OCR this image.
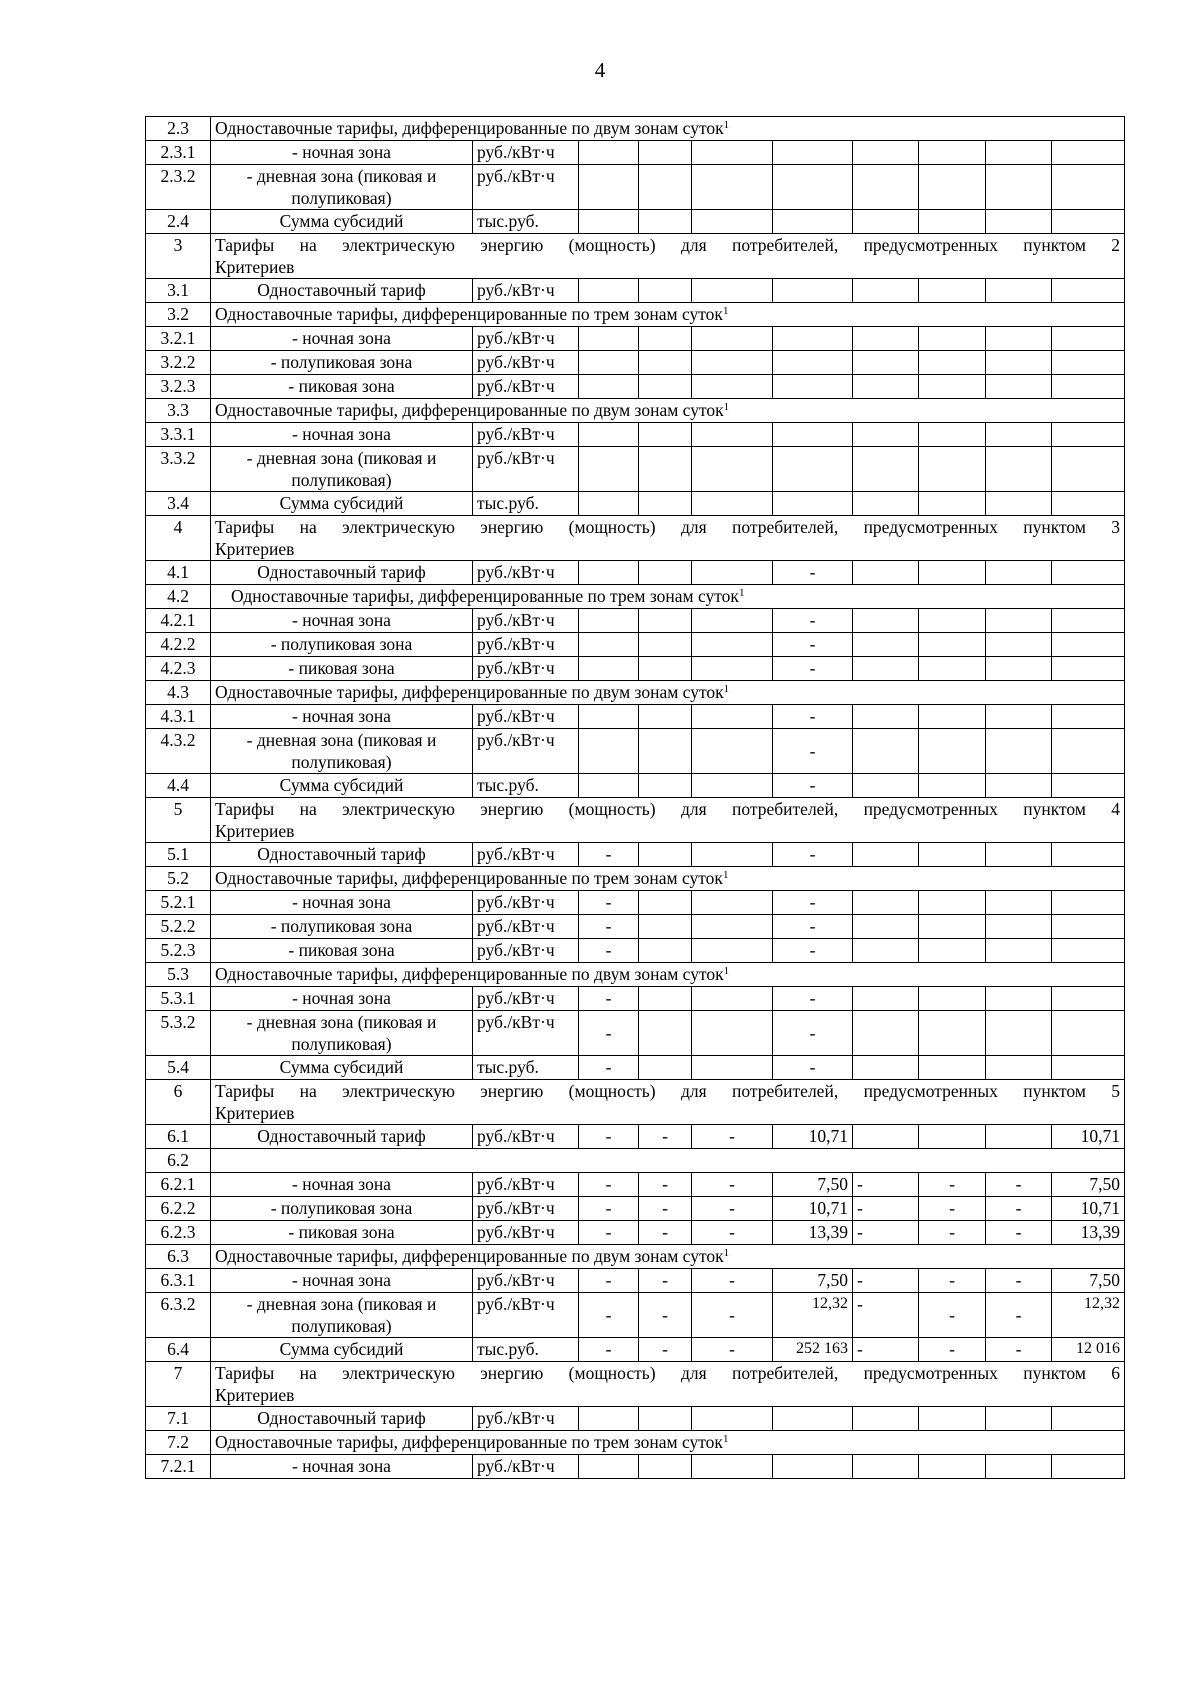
4
2.3	Одноставочные тарифы, дифференцированные по двум зонам суток$^1$
2.3.1	- ночная зона	руб./кВт·ч								
2.3.2	- дневная зона (пиковая и полупиковая)	руб./кВт·ч								
2.4	Сумма субсидий	тыс.руб.								
3	Тарифы на электрическую энергию (мощность) для потребителей, предусмотренных пунктом 2
Критериев									

3.1	Одноставочный тариф	руб./кВт·ч								
3.2	Одноставочные тарифы, дифференцированные по трем зонам суток$^1$
3.2.1	- ночная зона	руб./кВт·ч								
3.2.2	- полупиковая зона	руб./кВт·ч								
3.2.3	- пиковая зона	руб./кВт·ч								
3.3	Одноставочные тарифы, дифференцированные по двум зонам суток$^1$
3.3.1	- ночная зона	руб./кВт·ч								
3.3.2	- дневная зона (пиковая и полупиковая)	руб./кВт·ч								
3.4	Сумма субсидий	тыс.руб.								
4	Тарифы на электрическую энергию (мощность) для потребителей, предусмотренных пунктом 3
Критериев									

4.1	Одноставочный тариф	руб./кВт·ч				-				
4.2	Одноставочные тарифы, дифференцированные по трем зонам суток$^1$
4.2.1	- ночная зона	руб./кВт·ч				-				
4.2.2	- полупиковая зона	руб./кВт·ч				-				
4.2.3	- пиковая зона	руб./кВт·ч				-				
4.3	Одноставочные тарифы, дифференцированные по двум зонам суток$^1$
4.3.1	- ночная зона	руб./кВт·ч				-				
4.3.2	- дневная зона (пиковая и полупиковая)	руб./кВт·ч				-				
4.4	Сумма субсидий	тыс.руб.				-				
5	Тарифы на электрическую энергию (мощность) для потребителей, предусмотренных пунктом 4
Критериев									

5.1	Одноставочный тариф	руб./кВт·ч	-			-				
5.2	Одноставочные тарифы, дифференцированные по трем зонам суток$^1$
5.2.1	- ночная зона	руб./кВт·ч	-			-				
5.2.2	- полупиковая зона	руб./кВт·ч	-			-				
5.2.3	- пиковая зона	руб./кВт·ч	-			-				
5.3	Одноставочные тарифы, дифференцированные по двум зонам суток$^1$
5.3.1	- ночная зона	руб./кВт·ч	-			-				
5.3.2	- дневная зона (пиковая и полупиковая)	руб./кВт·ч	-			-				
5.4	Сумма субсидий	тыс.руб.	-			-				
6	Тарифы на электрическую энергию (мощность) для потребителей, предусмотренных пунктом 5
Критериев									

6.1	Одноставочный тариф	руб./кВт·ч	-	-	-	10,71				10,71
6.2										
6.2.1	- ночная зона	руб./кВт·ч	-	-	-	7,50	-	-	-	7,50
6.2.2	- полупиковая зона	руб./кВт·ч	-	-	-	10,71	-	-	-	10,71
6.2.3	- пиковая зона	руб./кВт·ч	-	-	-	13,39	-	-	-	13,39
6.3	Одноставочные тарифы, дифференцированные по двум зонам суток$^1$
6.3.1	- ночная зона	руб./кВт·ч	-	-	-	7,50	-	-	-	7,50
6.3.2	- дневная зона (пиковая и полупиковая)	руб./кВт·ч	-	-	-	12,32	-	-	-	12,32
6.4	Сумма субсидий	тыс.руб.	-	-	-	252 163	-	-	-	12 016
7	Тарифы на электрическую энергию (мощность) для потребителей, предусмотренных пунктом 6
Критериев									

7.1	Одноставочный тариф	руб./кВт·ч								
7.2	Одноставочные тарифы, дифференцированные по трем зонам суток$^1$
7.2.1	- ночная зона	руб./кВт·ч								
